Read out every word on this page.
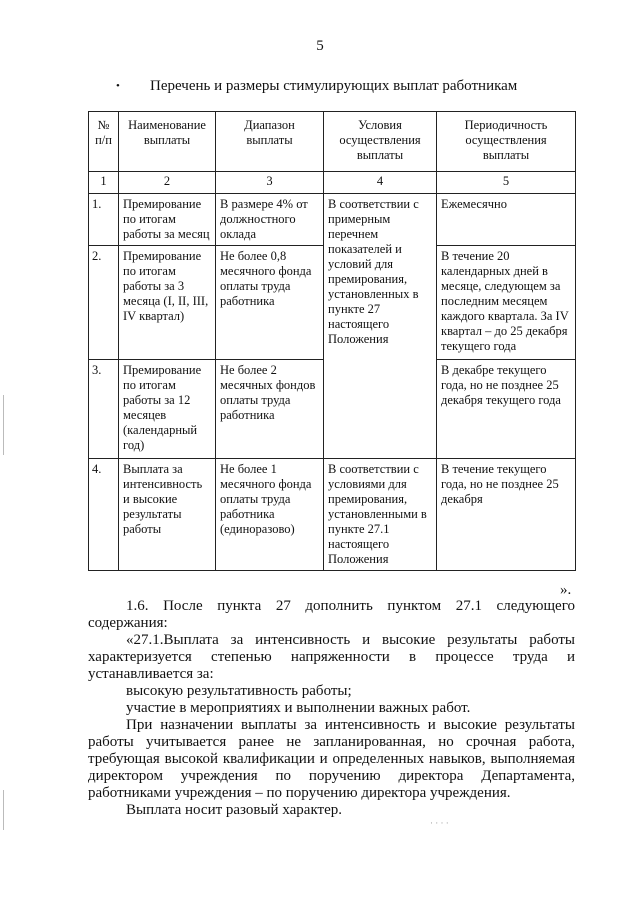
5
• Перечень и размеры стимулирующих выплат работникам
№ п/п	Наименование выплаты	Диапазон выплаты	Условия осуществления выплаты	Периодичность осуществления выплаты
1	2	3	4	5
1.	Премирование по итогам работы за месяц	В размере 4% от должностного оклада	В соответствии с примерным перечнем показателей и условий для премирования, установленных в пункте 27 настоящего Положения	Ежемесячно
2.	Премирование по итогам работы за 3 месяца (I, II, III, IV квартал)	Не более 0,8 месячного фонда оплаты труда работника		В течение 20 календарных дней в месяце, следующем за последним месяцем каждого квартала. За IV квартал – до 25 декабря текущего года
3.	Премирование по итогам работы за 12 месяцев (календарный год)	Не более 2 месячных фондов оплаты труда работника		В декабре текущего года, но не позднее 25 декабря текущего года
4.	Выплата за интенсивность и высокие результаты работы	Не более 1 месячного фонда оплаты труда работника (единоразово)	В соответствии с условиями для премирования, установленными в пункте 27.1 настоящего Положения	В течение текущего года, но не позднее 25 декабря
».

1.6. После пункта 27 дополнить пунктом 27.1 следующего содержания:

«27.1.Выплата за интенсивность и высокие результаты работы характеризуется степенью напряженности в процессе труда и устанавливается за:

высокую результативность работы;

участие в мероприятиях и выполнении важных работ.

При назначении выплаты за интенсивность и высокие результаты работы учитывается ранее не запланированная, но срочная работа, требующая высокой квалификации и определенных навыков, выполняемая директором учреждения по поручению директора Департамента, работниками учреждения – по поручению директора учреждения.

Выплата носит разовый характер.

· · · ·
